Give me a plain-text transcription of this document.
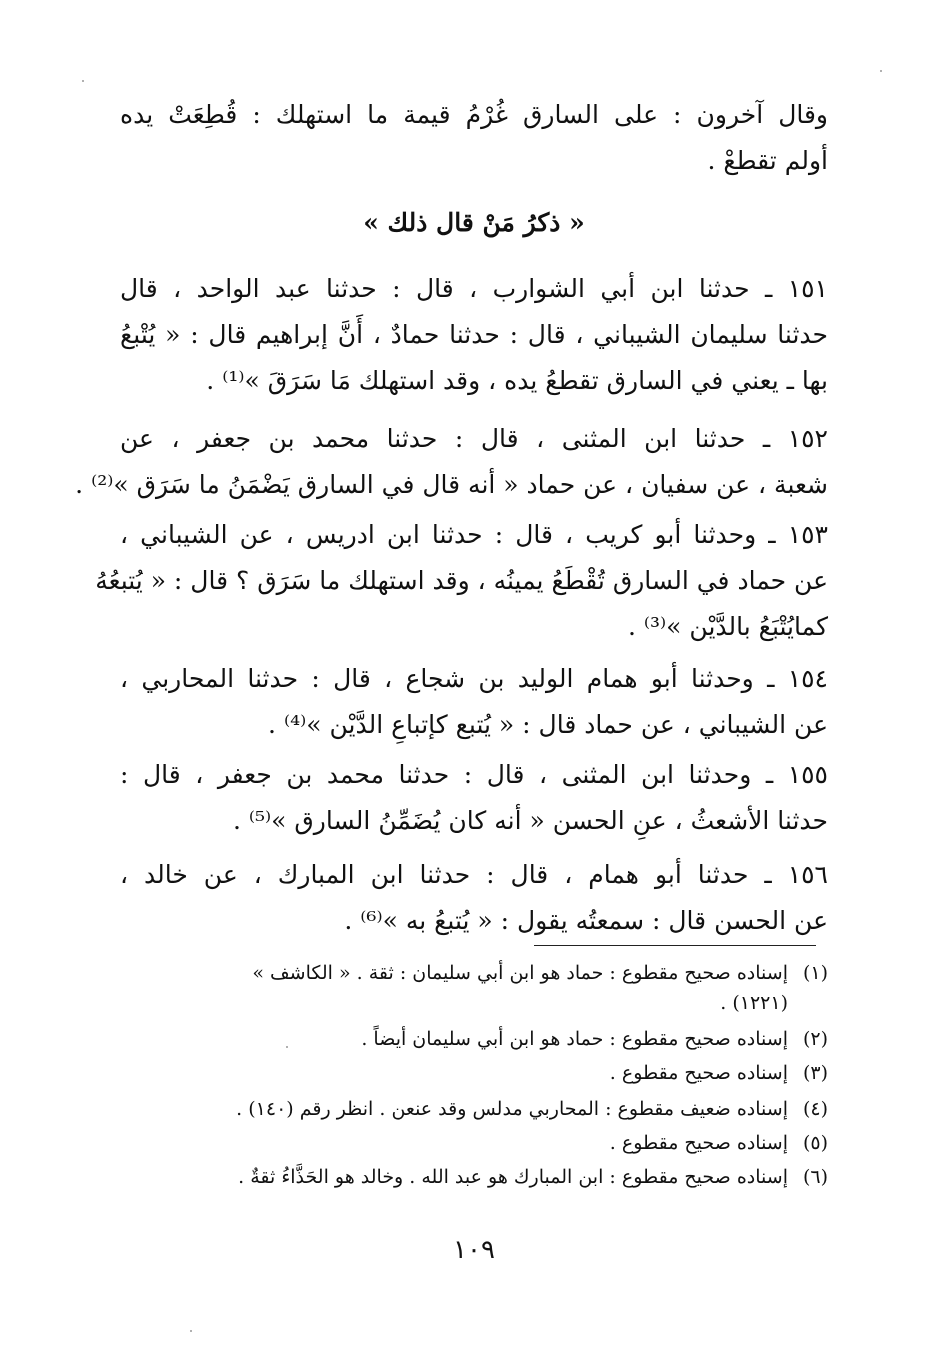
وقال آخرون : على السارق غُرْمُ قيمة ما استهلك : قُطِعَتْ يده
أولم تقطعْ .
« ذكرُ مَنْ قال ذلك »
١٥١ ـ حدثنا ابن أبي الشوارب ، قال : حدثنا عبد الواحد ، قال
حدثنا سليمان الشيباني ، قال : حدثنا حمادٌ ، أَنَّ إبراهيم قال : « يُتْبعُ
بها ـ يعني في السارق تقطعُ يده ، وقد استهلك مَا سَرَقَ »⁽¹⁾ .
١٥٢ ـ حدثنا ابن المثنى ، قال : حدثنا محمد بن جعفر ، عن
شعبة ، عن سفيان ، عن حماد « أنه قال في السارق يَضْمَنُ ما سَرَق »⁽²⁾ .
١٥٣ ـ وحدثنا أبو كريب ، قال : حدثنا ابن ادريس ، عن الشيباني ،
عن حماد في السارق تُقْطَعُ يمينُه ، وقد استهلك ما سَرَق ؟ قال : « يُتبعُهُ
كمايُتْبَعُ بالدَّيْن »⁽³⁾ .
١٥٤ ـ وحدثنا أبو همام الوليد بن شجاع ، قال : حدثنا المحاربي ،
عن الشيباني ، عن حماد قال : « يُتبع كإتباعِ الدَّيْن »⁽⁴⁾ .
١٥٥ ـ وحدثنا ابن المثنى ، قال : حدثنا محمد بن جعفر ، قال :
حدثنا الأشعثُ ، عنِ الحسن « أنه كان يُضَمِّنُ السارق »⁽⁵⁾ .
١٥٦ ـ حدثنا أبو همام ، قال : حدثنا ابن المبارك ، عن خالد ،
عن الحسن قال : سمعتُه يقول : « يُتبعُ به »⁽⁶⁾ .
(١)إسناده صحيح مقطوع : حماد هو ابن أبي سليمان : ثقة . « الكاشف »
(١٢٢١) .
(٢)إسناده صحيح مقطوع : حماد هو ابن أبي سليمان أيضاً .
(٣)إسناده صحيح مقطوع .
(٤)إسناده ضعيف مقطوع : المحاربي مدلس وقد عنعن . انظر رقم (١٤٠) .
(٥)إسناده صحيح مقطوع .
(٦)إسناده صحيح مقطوع : ابن المبارك هو عبد الله . وخالد هو الحَذَّاءُ ثقةٌ .
١٠٩
